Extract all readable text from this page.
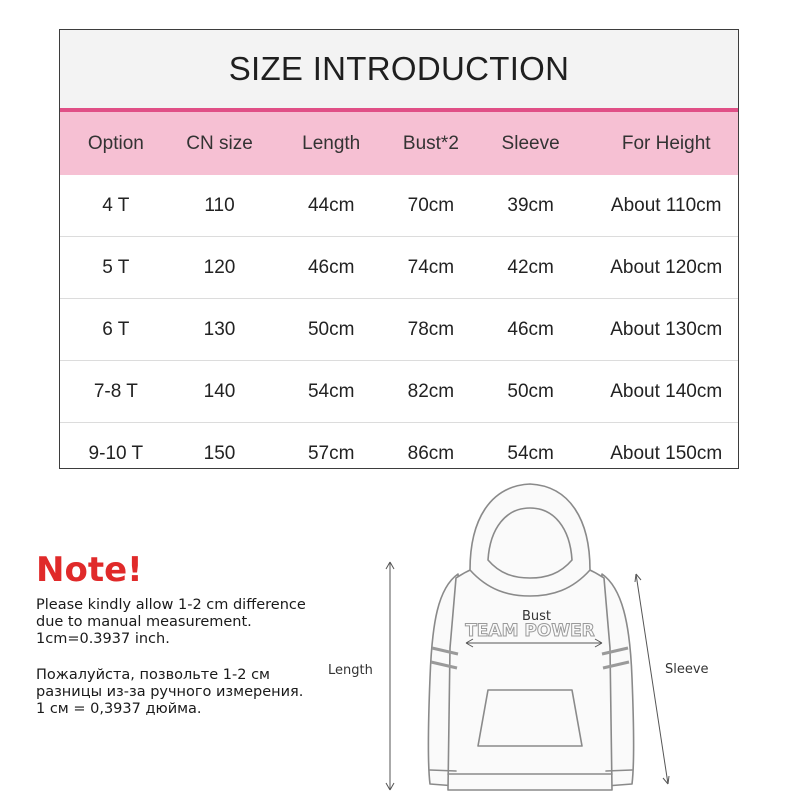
SIZE INTRODUCTION
Option	CN size	Length	Bust*2	Sleeve	For Height
4 T	110	44cm	70cm	39cm	About 110cm
5 T	120	46cm	74cm	42cm	About 120cm
6 T	130	50cm	78cm	46cm	About 130cm
7-8 T	140	54cm	82cm	50cm	About 140cm
9-10 T	150	57cm	86cm	54cm	About 150cm
Note!
Please kindly allow 1-2 cm difference
due to manual measurement.
1cm=0.3937 inch.
Пожалуйста, позвольте 1-2 см
разницы из-за ручного измерения.
1 см = 0,3937 дюйма.
TEAM POWER
Bust
Length	Sleeve
